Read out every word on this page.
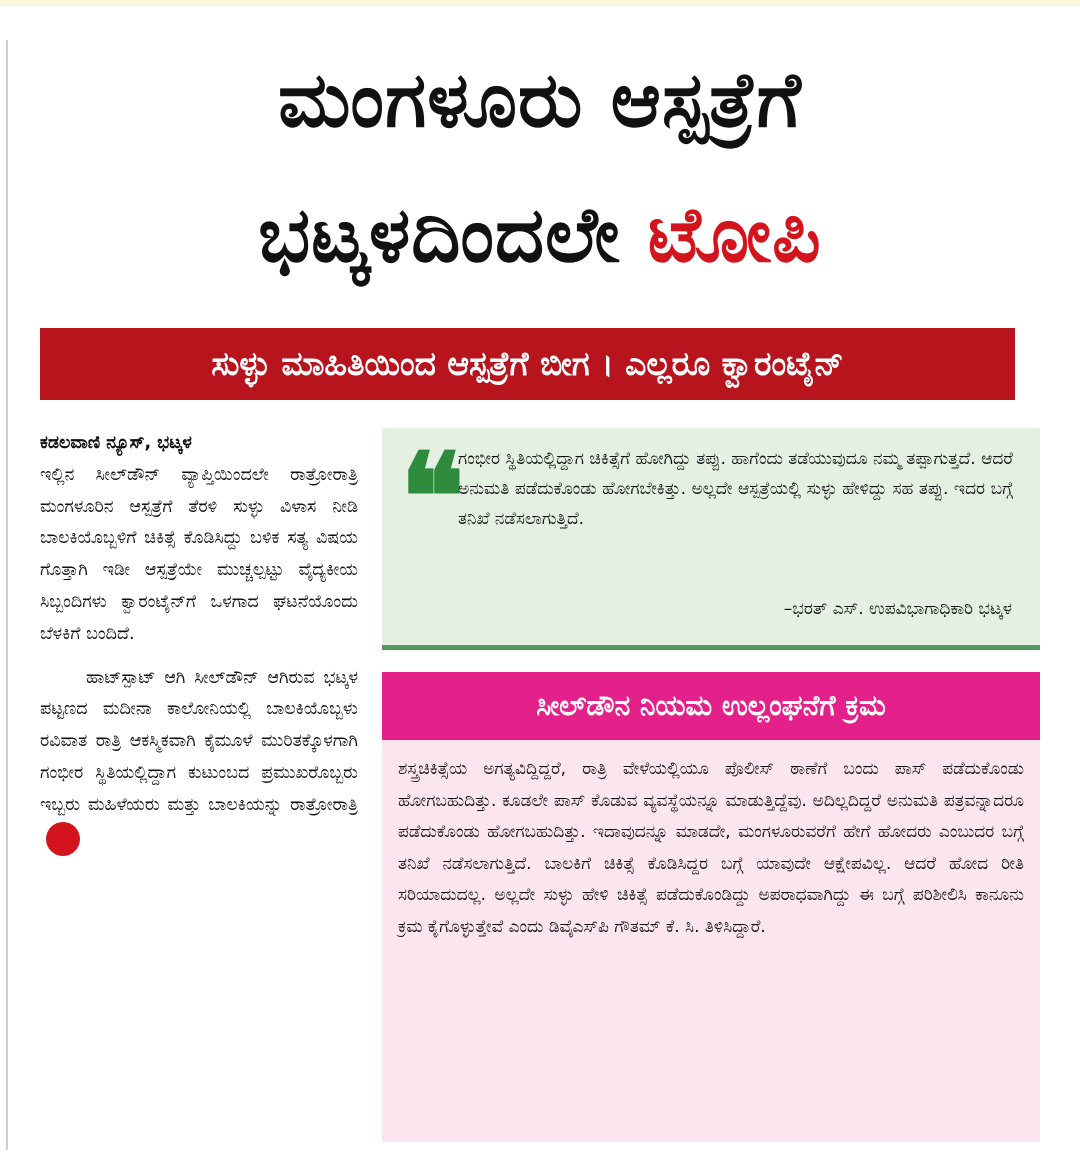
ಮಂಗಳೂರು ಆಸ್ಪತ್ರೆಗೆ
ಭಟ್ಕಳದಿಂದಲೇ ಟೋಪಿ
ಸುಳ್ಳು ಮಾಹಿತಿಯಿಂದ ಆಸ್ಪತ್ರೆಗೆ ಬೀಗ । ಎಲ್ಲರೂ ಕ್ವಾರಂಟೈನ್

ಕಡಲವಾಣಿ ನ್ಯೂಸ್, ಭಟ್ಕಳ

ಇಲ್ಲಿನ ಸೀಲ್‌ಡೌನ್ ವ್ಯಾಪ್ತಿಯಿಂದಲೇ ರಾತ್ರೋರಾತ್ರಿ ಮಂಗಳೂರಿನ ಆಸ್ಪತ್ರೆಗೆ ತೆರಳಿ ಸುಳ್ಳು ವಿಳಾಸ ನೀಡಿ ಬಾಲಕಿಯೊಬ್ಬಳಿಗೆ ಚಿಕಿತ್ಸೆ ಕೊಡಿಸಿದ್ದು ಬಳಿಕ ಸತ್ಯ ವಿಷಯ ಗೊತ್ತಾಗಿ ಇಡೀ ಆಸ್ಪತ್ರೆಯೇ ಮುಚ್ಚಲ್ಪಟ್ಟು ವೈದ್ಯಕೀಯ ಸಿಬ್ಬಂದಿಗಳು ಕ್ವಾರಂಟೈನ್‌ಗೆ ಒಳಗಾದ ಘಟನೆಯೊಂದು ಬೆಳಕಿಗೆ ಬಂದಿದೆ.

ಹಾಟ್‌ಸ್ಪಾಟ್ ಆಗಿ ಸೀಲ್‌ಡೌನ್ ಆಗಿರುವ ಭಟ್ಕಳ ಪಟ್ಟಣದ ಮದೀನಾ ಕಾಲೋನಿಯಲ್ಲಿ ಬಾಲಕಿಯೊಬ್ಬಳು ರವಿವಾತ ರಾತ್ರಿ ಆಕಸ್ಮಿಕವಾಗಿ ಕೈಮೂಳೆ ಮುರಿತಕ್ಕೊಳಗಾಗಿ ಗಂಭೀರ ಸ್ಥಿತಿಯಲ್ಲಿದ್ದಾಗ ಕುಟುಂಬದ ಪ್ರಮುಖರೊಬ್ಬರು ಇಬ್ಬರು ಮಹಿಳೆಯರು ಮತ್ತು ಬಾಲಕಿಯನ್ನು ರಾತ್ರೋರಾತ್ರಿ3

❝

ಗಂಭೀರ ಸ್ಥಿತಿಯಲ್ಲಿದ್ದಾಗ ಚಿಕಿತ್ಸೆಗೆ ಹೋಗಿದ್ದು ತಪ್ಪು. ಹಾಗೆಂದು ತಡೆಯುವುದೂ ನಮ್ಮ ತಪ್ಪಾಗುತ್ತದೆ. ಆದರೆ ಅನುಮತಿ ಪಡೆದುಕೊಂಡು ಹೋಗಬೇಕಿತ್ತು. ಅಲ್ಲದೇ ಆಸ್ಪತ್ರೆಯಲ್ಲಿ ಸುಳ್ಳು ಹೇಳಿದ್ದು ಸಹ ತಪ್ಪು. ಇದರ ಬಗ್ಗೆ ತನಿಖೆ ನಡೆಸಲಾಗುತ್ತಿದೆ.

–ಭರತ್ ಎಸ್. ಉಪವಿಭಾಗಾಧಿಕಾರಿ ಭಟ್ಕಳ
ಸೀಲ್‌ಡೌನ ನಿಯಮ ಉಲ್ಲಂಘನೆಗೆ ಕ್ರಮ

ಶಸ್ತ್ರಚಿಕಿತ್ಸೆಯ ಅಗತ್ಯವಿದ್ದಿದ್ದರೆ, ರಾತ್ರಿ ವೇಳೆಯಲ್ಲಿಯೂ ಪೊಲೀಸ್ ಠಾಣೆಗೆ ಬಂದು ಪಾಸ್ ಪಡೆದುಕೊಂಡು ಹೋಗಬಹುದಿತ್ತು. ಕೂಡಲೇ ಪಾಸ್ ಕೊಡುವ ವ್ಯವಸ್ಥೆಯನ್ನೂ ಮಾಡುತ್ತಿದ್ದೆವು. ಅದಿಲ್ಲದಿದ್ದರೆ ಅನುಮತಿ ಪತ್ರವನ್ನಾದರೂ ಪಡೆದುಕೊಂಡು ಹೋಗಬಹುದಿತ್ತು. ಇದಾವುದನ್ನೂ ಮಾಡದೇ, ಮಂಗಳೂರುವರೆಗೆ ಹೇಗೆ ಹೋದರು ಎಂಬುದರ ಬಗ್ಗೆ ತನಿಖೆ ನಡೆಸಲಾಗುತ್ತಿದೆ. ಬಾಲಕಿಗೆ ಚಿಕಿತ್ಸೆ ಕೊಡಿಸಿದ್ದರ ಬಗ್ಗೆ ಯಾವುದೇ ಆಕ್ಷೇಪವಿಲ್ಲ. ಆದರೆ ಹೋದ ರೀತಿ ಸರಿಯಾದುದಲ್ಲ. ಅಲ್ಲದೇ ಸುಳ್ಳು ಹೇಳಿ ಚಿಕಿತ್ಸೆ ಪಡೆದುಕೊಂಡಿದ್ದು ಅಪರಾಧವಾಗಿದ್ದು ಈ ಬಗ್ಗೆ ಪರಿಶೀಲಿಸಿ ಕಾನೂನು ಕ್ರಮ ಕೈಗೊಳ್ಳುತ್ತೇವೆ ಎಂದು ಡಿವೈಎಸ್‌ಪಿ ಗೌತಮ್ ಕೆ. ಸಿ. ತಿಳಿಸಿದ್ದಾರೆ.
